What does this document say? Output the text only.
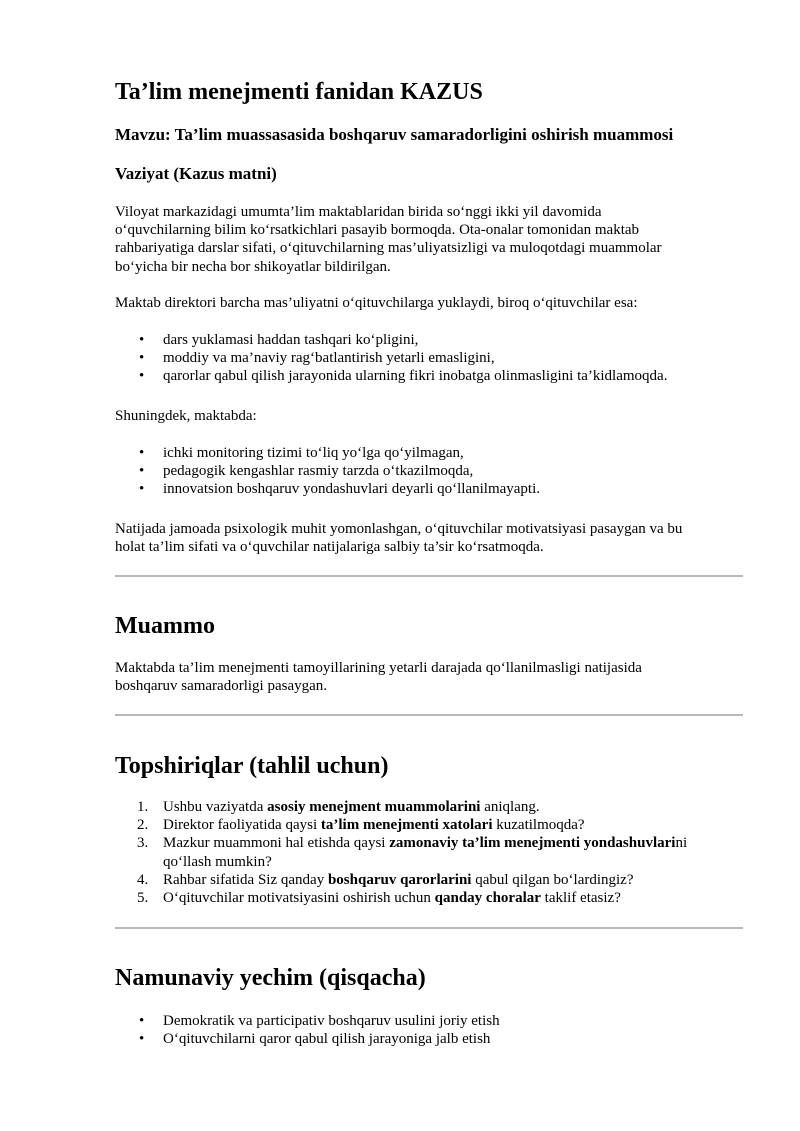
Ta’lim menejmenti fanidan KAZUS
Mavzu: Ta’lim muassasasida boshqaruv samaradorligini oshirish muammosi
Vaziyat (Kazus matni)

Viloyat markazidagi umumta’lim maktablaridan birida so‘nggi ikki yil davomida
o‘quvchilarning bilim ko‘rsatkichlari pasayib bormoqda. Ota-onalar tomonidan maktab
rahbariyatiga darslar sifati, o‘qituvchilarning mas’uliyatsizligi va muloqotdagi muammolar
bo‘yicha bir necha bor shikoyatlar bildirilgan.

Maktab direktori barcha mas’uliyatni o‘qituvchilarga yuklaydi, biroq o‘qituvchilar esa:

• dars yuklamasi haddan tashqari ko‘pligini,
• moddiy va ma’naviy rag‘batlantirish yetarli emasligini,
• qarorlar qabul qilish jarayonida ularning fikri inobatga olinmasligini ta’kidlamoqda.

Shuningdek, maktabda:

• ichki monitoring tizimi to‘liq yo‘lga qo‘yilmagan,
• pedagogik kengashlar rasmiy tarzda o‘tkazilmoqda,
• innovatsion boshqaruv yondashuvlari deyarli qo‘llanilmayapti.

Natijada jamoada psixologik muhit yomonlashgan, o‘qituvchilar motivatsiyasi pasaygan va bu
holat ta’lim sifati va o‘quvchilar natijalariga salbiy ta’sir ko‘rsatmoqda.

Muammo

Maktabda ta’lim menejmenti tamoyillarining yetarli darajada qo‘llanilmasligi natijasida
boshqaruv samaradorligi pasaygan.

Topshiriqlar (tahlil uchun)
1. Ushbu vaziyatda asosiy menejment muammolarini aniqlang.
2. Direktor faoliyatida qaysi ta’lim menejmenti xatolari kuzatilmoqda?
3. Mazkur muammoni hal etishda qaysi zamonaviy ta’lim menejmenti yondashuvlarini
qo‘llash mumkin?
4. Rahbar sifatida Siz qanday boshqaruv qarorlarini qabul qilgan bo‘lardingiz?
5. O‘qituvchilar motivatsiyasini oshirish uchun qanday choralar taklif etasiz?
Namunaviy yechim (qisqacha)
• Demokratik va participativ boshqaruv usulini joriy etish
• O‘qituvchilarni qaror qabul qilish jarayoniga jalb etish
